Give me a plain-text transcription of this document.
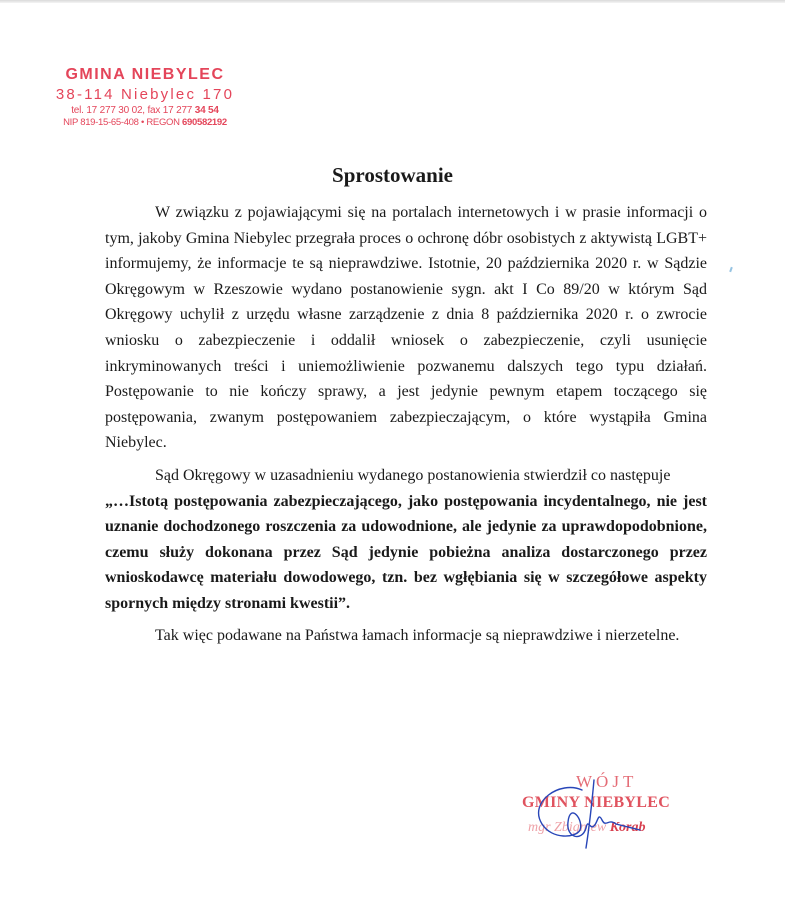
GMINA NIEBYLEC
38-114 Niebylec 170
tel. 17 277 30 02, fax 17 277 34 54
NIP 819-15-65-408 • REGON 690582192
Sprostowanie

W związku z pojawiającymi się na portalach internetowych i w prasie informacji o tym, jakoby Gmina Niebylec przegrała proces o ochronę dóbr osobistych z aktywistą LGBT+ informujemy, że informacje te są nieprawdziwe. Istotnie, 20 października 2020 r. w Sądzie Okręgowym w Rzeszowie wydano postanowienie sygn. akt I Co 89/20 w którym Sąd Okręgowy uchylił z urzędu własne zarządzenie z dnia 8 października 2020 r. o zwrocie wniosku o zabezpieczenie i oddalił wniosek o zabezpieczenie, czyli usunięcie inkryminowanych treści i uniemożliwienie pozwanemu dalszych tego typu działań. Postępowanie to nie kończy sprawy, a jest jedynie pewnym etapem toczącego się postępowania, zwanym postępowaniem zabezpieczającym, o które wystąpiła Gmina Niebylec.

Sąd Okręgowy w uzasadnieniu wydanego postanowienia stwierdził co następuje
„…Istotą postępowania zabezpieczającego, jako postępowania incydentalnego, nie jest uznanie dochodzonego roszczenia za udowodnione, ale jedynie za uprawdopodobnione, czemu służy dokonana przez Sąd jedynie pobieżna analiza dostarczonego przez wnioskodawcę materiału dowodowego, tzn. bez wgłębiania się w szczegółowe aspekty spornych między stronami kwestii”.

Tak więc podawane na Państwa łamach informacje są nieprawdziwe i nierzetelne.

WÓJT
GMINY NIEBYLEC
mgr Zbigniew Korab
